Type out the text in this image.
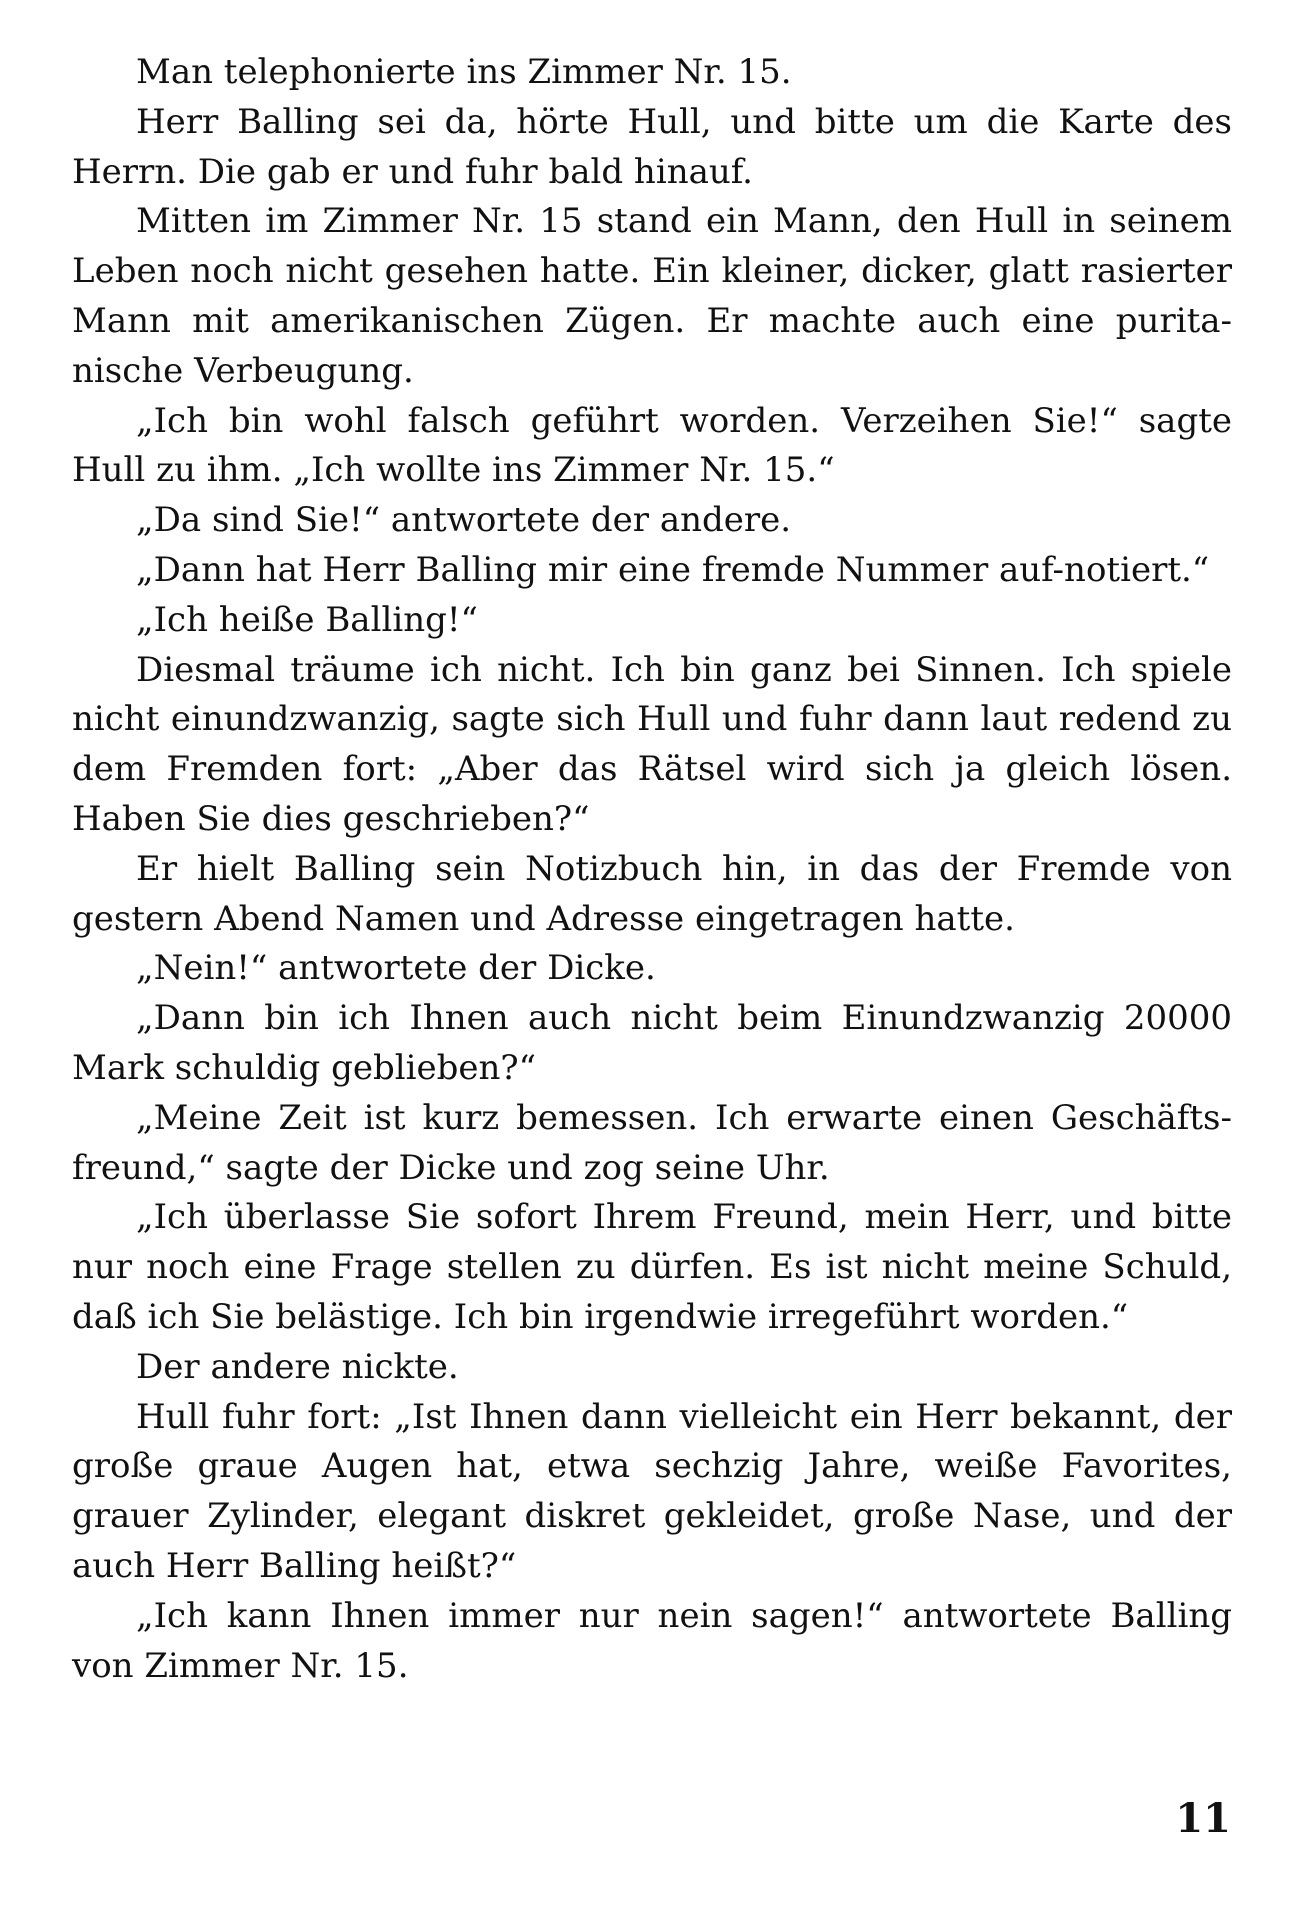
Man telephonierte ins Zimmer Nr. 15.

Herr Balling sei da, hörte Hull, und bitte um die Karte des Herrn. Die gab er und fuhr bald hinauf.

Mitten im Zimmer Nr. 15 stand ein Mann, den Hull in seinem Leben noch nicht gesehen hatte. Ein kleiner, dicker, glatt rasierter Mann mit amerikanischen Zügen. Er machte auch eine purita-nische Verbeugung.

„Ich bin wohl falsch geführt worden. Verzeihen Sie!“ sagte Hull zu ihm. „Ich wollte ins Zimmer Nr. 15.“

„Da sind Sie!“ antwortete der andere.

„Dann hat Herr Balling mir eine fremde Nummer auf-notiert.“

„Ich heiße Balling!“

Diesmal träume ich nicht. Ich bin ganz bei Sinnen. Ich spiele nicht einundzwanzig, sagte sich Hull und fuhr dann laut redend zu dem Fremden fort: „Aber das Rätsel wird sich ja gleich lösen. Haben Sie dies geschrieben?“

Er hielt Balling sein Notizbuch hin, in das der Fremde von gestern Abend Namen und Adresse eingetragen hatte.

„Nein!“ antwortete der Dicke.

„Dann bin ich Ihnen auch nicht beim Einundzwanzig 20000 Mark schuldig geblieben?“

„Meine Zeit ist kurz bemessen. Ich erwarte einen Geschäfts-freund,“ sagte der Dicke und zog seine Uhr.

„Ich überlasse Sie sofort Ihrem Freund, mein Herr, und bitte nur noch eine Frage stellen zu dürfen. Es ist nicht meine Schuld, daß ich Sie belästige. Ich bin irgendwie irregeführt worden.“

Der andere nickte.

Hull fuhr fort: „Ist Ihnen dann vielleicht ein Herr bekannt, der große graue Augen hat, etwa sechzig Jahre, weiße Favorites, grauer Zylinder, elegant diskret gekleidet, große Nase, und der auch Herr Balling heißt?“

„Ich kann Ihnen immer nur nein sagen!“ antwortete Balling von Zimmer Nr. 15.

11
